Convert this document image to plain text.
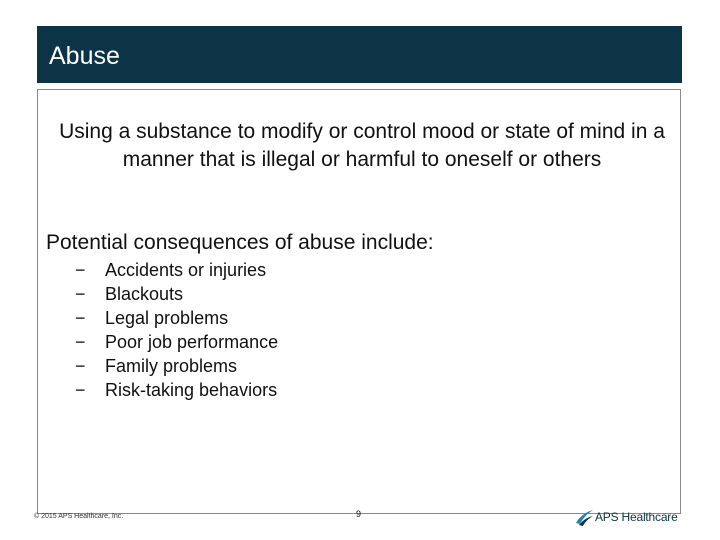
Abuse
Using a substance to modify or control mood or state of mind in a manner that is illegal or harmful to oneself or others
Potential consequences of abuse include:
−	Accidents or injuries
−	Blackouts
−	Legal problems
−	Poor job performance
−	Family problems
−	Risk-taking behaviors
© 2015 APS Healthcare, Inc.	9	APS Healthcare
